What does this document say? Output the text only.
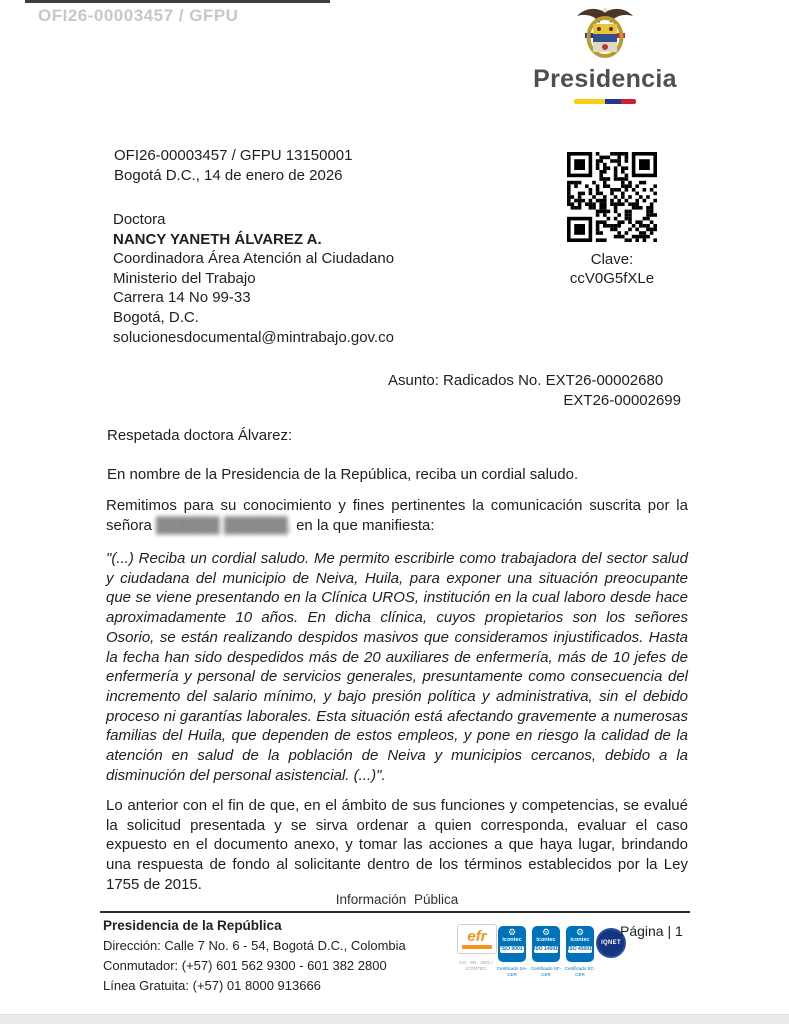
OFI26-00003457 / GFPU
Presidencia
OFI26-00003457 / GFPU 13150001
Bogotá D.C., 14 de enero de 2026
Clave:
ccV0G5fXLe
Doctora
NANCY YANETH ÁLVAREZ A.
Coordinadora Área Atención al Ciudadano
Ministerio del Trabajo
Carrera 14 No 99-33
Bogotá, D.C.
solucionesdocumental@mintrabajo.gov.co
Asunto: Radicados No. EXT26-00002680
EXT26-00002699
Respetada doctora Álvarez:
En nombre de la Presidencia de la República, reciba un cordial saludo.
Remitimos para su conocimiento y fines pertinentes la comunicación suscrita por la señora ██████ ██████, en la que manifiesta:
"(...) Reciba un cordial saludo. Me permito escribirle como trabajadora del sector salud y ciudadana del municipio de Neiva, Huila, para exponer una situación preocupante que se viene presentando en la Clínica UROS, institución en la cual laboro desde hace aproximadamente 10 años. En dicha clínica, cuyos propietarios son los señores Osorio, se están realizando despidos masivos que consideramos injustificados. Hasta la fecha han sido despedidos más de 20 auxiliares de enfermería, más de 10 jefes de enfermería y personal de servicios generales, presuntamente como consecuencia del incremento del salario mínimo, y bajo presión política y administrativa, sin el debido proceso ni garantías laborales. Esta situación está afectando gravemente a numerosas familias del Huila, que dependen de estos empleos, y pone en riesgo la calidad de la atención en salud de la población de Neiva y municipios cercanos, debido a la disminución del personal asistencial. (...)".
Lo anterior con el fin de que, en el ámbito de sus funciones y competencias, se evalué la solicitud presentada y se sirva ordenar a quien corresponda, evaluar el caso expuesto en el documento anexo, y tomar las acciones a que haya lugar, brindando una respuesta de fondo al solicitante dentro de los términos establecidos por la Ley 1755 de 2015.
Información Pública
Presidencia de la República
Dirección: Calle 7 No. 6 - 54, Bogotá D.C., Colombia
Conmutador: (+57) 601 562 9300 - 601 382 2800
Línea Gratuita: (+57) 01 8000 913666
efr
CO - SN - 2021 / ICONTEC
⚙
icontec
ISO 9001
⚙
icontec
ISO 14001
⚙
icontec
ISO 45001
Certificado SA-CER
Certificado SF-CER
Certificado SC-CER
IQNET
Página | 1
